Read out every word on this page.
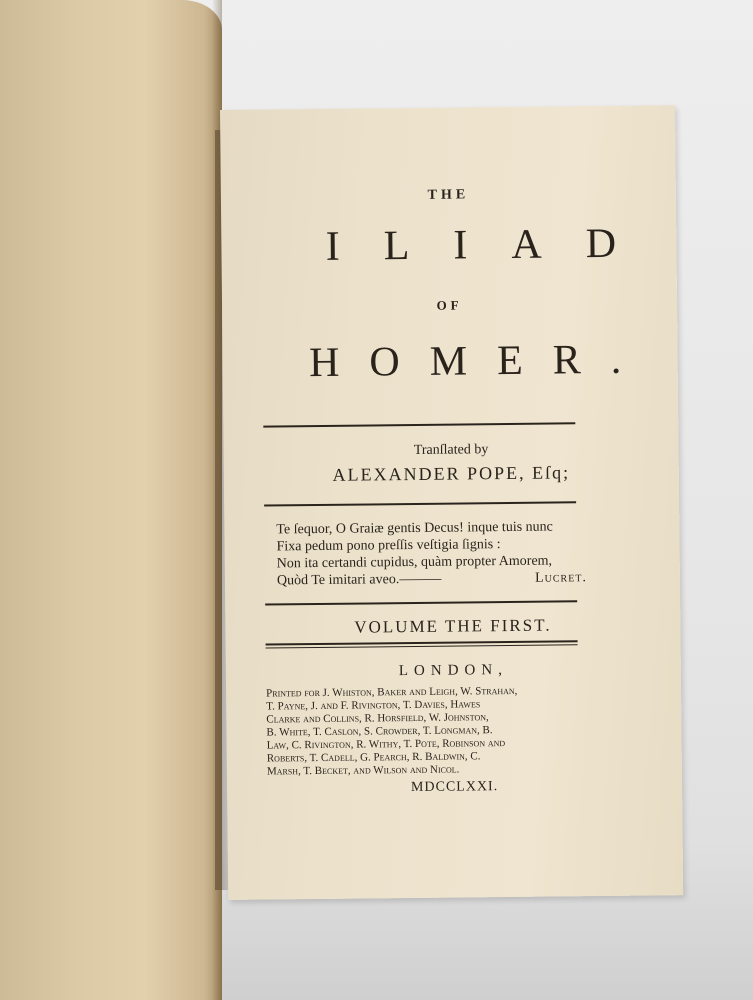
THE
ILIAD
OF
HOMER.
Tranſlated by
ALEXANDER POPE, Eſq;
Te ſequor, O Graiæ gentis Decus! inque tuis nunc
Fixa pedum pono preſſis veſtigia ſignis :
Non ita certandi cupidus, quàm propter Amorem,
Quòd Te imitari aveo.———	Lucret.
VOLUME THE FIRST.
LONDON,

Printed for J. Whiston, Baker and Leigh, W. Strahan,

T. Payne, J. and F. Rivington, T. Davies, Hawes

Clarke and Collins, R. Horsfield, W. Johnston,

B. White, T. Caslon, S. Crowder, T. Longman, B.

Law, C. Rivington, R. Withy, T. Pote, Robinson and

Roberts, T. Cadell, G. Pearch, R. Baldwin, C.

Marsh, T. Becket, and Wilson and Nicol.

MDCCLXXI.
